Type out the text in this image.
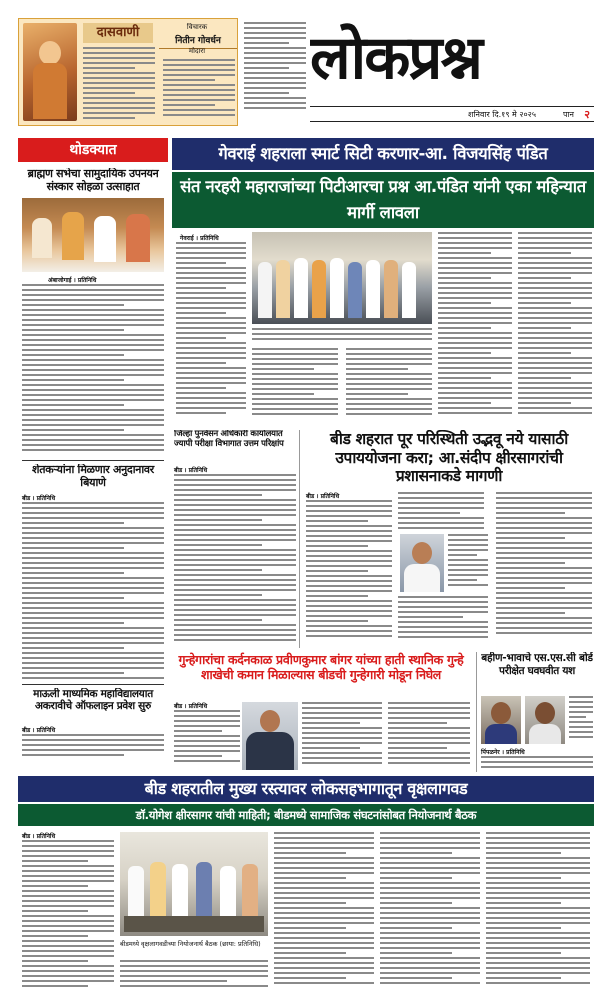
दासवाणी	विचारक
नितीन गोवर्धन
मोदारा	लोकप्रश्न
शनिवार दि.१९ मे २०२५	पान २
थोडक्यात
ब्राह्मण सभेचा सामुदायिक उपनयन संस्कार सोहळा उत्साहात
अंबाजोगाई । प्रतिनिधि
शेतकऱ्यांना मिळणार अनुदानावर बियाणे
बीड । प्रतिनिधि
माऊली माध्यमिक महाविद्यालयात अकरावीचे ऑफलाइन प्रवेश सुरु
बीड । प्रतिनिधि
गेवराई शहराला स्मार्ट सिटी करणार-आ. विजयसिंह पंडित
संत नरहरी महाराजांच्या पिटीआरचा प्रश्न आ.पंडित यांनी एका महिन्यात मार्गी लावला
गेवराई । प्रतिनिधि
जिल्हा पुनर्वसन अधिकारी कार्यालयात ज्यापी परीक्षा विभागात उत्तम परिक्षांप
बीड । प्रतिनिधि
बीड शहरात पूर परिस्थिती उद्भवू नये यासाठी उपाययोजना करा; आ.संदीप क्षीरसागरांची प्रशासनाकडे मागणी
बीड । प्रतिनिधि
गुन्हेगारांचा कर्दनकाळ प्रवीणकुमार बांगर यांच्या हाती स्थानिक गुन्हे शाखेची कमान मिळाल्यास बीडची गुन्हेगारी मोडून निघेल
बीड । प्रतिनिधि
बहीण-भावाचे एस.एस.सी बोर्ड परीक्षेत घवघवीत यश
पिंपळनेर । प्रतिनिधि
बीड शहरातील मुख्य रस्त्यावर लोकसहभागातून वृक्षलागवड
डॉ.योगेश क्षीरसागर यांची माहिती; बीडमध्ये सामाजिक संघटनांसोबत नियोजनार्थ बैठक
बीड । प्रतिनिधि
बीडमध्ये वृक्षलागवडीच्या नियोजनार्थ बैठक (छाया: प्रतिनिधि)
